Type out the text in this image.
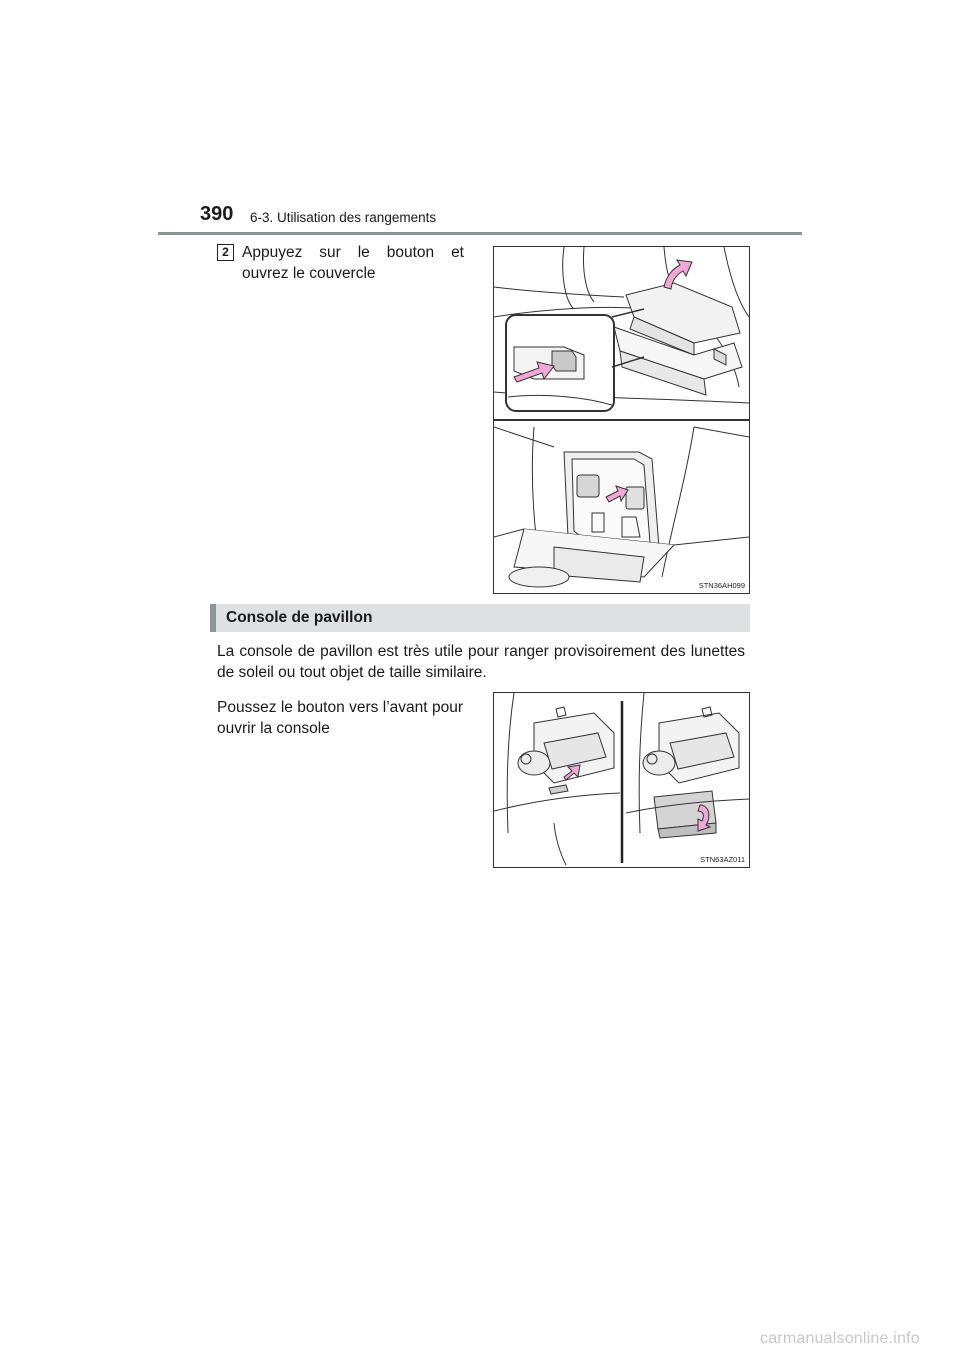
390 6-3. Utilisation des rangements
2 Appuyez sur le bouton et ouvrez le couvercle
STN36AH099
Console de pavillon
La console de pavillon est très utile pour ranger provisoirement des lunettes de soleil ou tout objet de taille similaire.
Poussez le bouton vers l’avant pour ouvrir la console
STN63AZ011
carmanualsonline.info
